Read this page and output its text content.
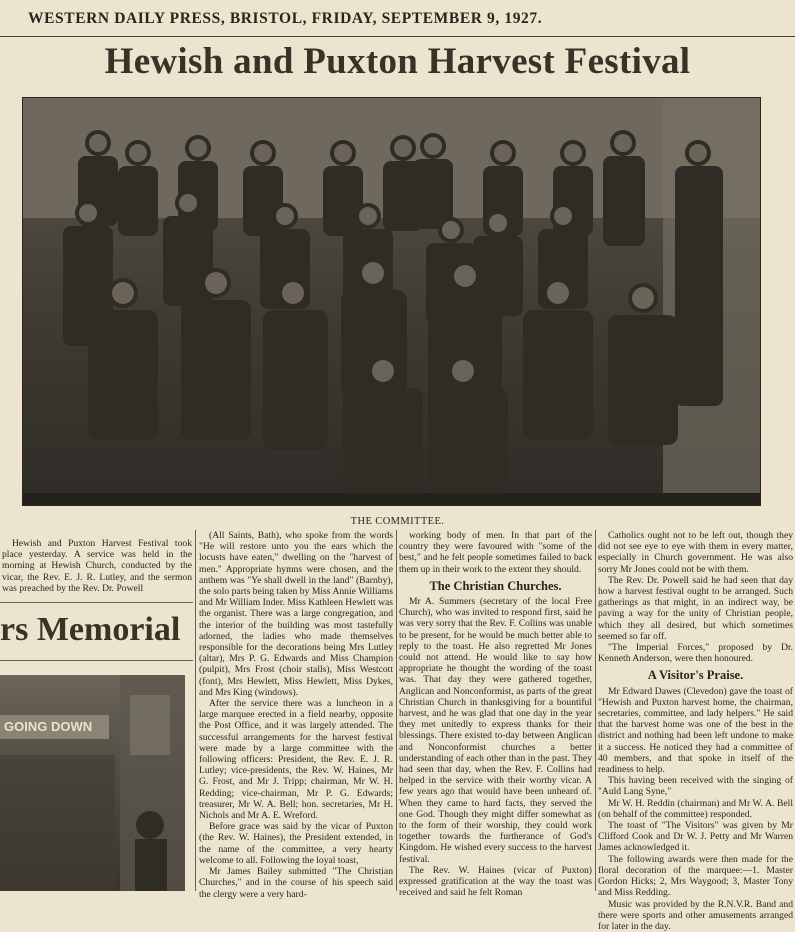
WESTERN DAILY PRESS, BRISTOL, FRIDAY, SEPTEMBER 9, 1927.
Hewish and Puxton Harvest Festival
THE COMMITTEE.

Hewish and Puxton Harvest Festival took place yesterday. A service was held in the morning at Hewish Church, conducted by the vicar, the Rev. E. J. R. Lutley, and the sermon was preached by the Rev. Dr. Powell

rs Memorial
GOING DOWN

(All Saints, Bath), who spoke from the words "He will restore unto you the ears which the locusts have eaten," dwelling on the "harvest of men." Appropriate hymns were chosen, and the anthem was "Ye shall dwell in the land" (Barnby), the solo parts being taken by Miss Annie Williams and Mr William Inder. Miss Kathleen Hewlett was the organist. There was a large congregation, and the interior of the building was most tastefully adorned, the ladies who made themselves responsible for the decorations being Mrs Lutley (altar), Mrs P. G. Edwards and Miss Champion (pulpit), Mrs Frost (choir stalls), Miss Westcott (font), Mrs Hewlett, Miss Hewlett, Miss Dykes, and Mrs King (windows).

After the service there was a luncheon in a large marquee erected in a field nearby, opposite the Post Office, and it was largely attended. The successful arrangements for the harvest festival were made by a large committee with the following officers: President, the Rev. E. J. R. Lutley; vice-presidents, the Rev. W. Haines, Mr G. Frost, and Mr J. Tripp; chairman, Mr W. H. Redding; vice-chairman, Mr P. G. Edwards; treasurer, Mr W. A. Bell; hon. secretaries, Mr H. Nichols and Mr A. E. Wreford.

Before grace was said by the vicar of Puxton (the Rev. W. Haines), the President extended, in the name of the committee, a very hearty welcome to all. Following the loyal toast,

Mr James Bailey submitted "The Christian Churches," and in the course of his speech said the clergy were a very hard-

working body of men. In that part of the country they were favoured with "some of the best," and he felt people sometimes failed to back them up in their work to the extent they should.

The Christian Churches.

Mr A. Summers (secretary of the local Free Church), who was invited to respond first, said he was very sorry that the Rev. F. Collins was unable to be present, for he would be much better able to reply to the toast. He also regretted Mr Jones could not attend. He would like to say how appropriate he thought the wording of the toast was. That day they were gathered together, Anglican and Nonconformist, as parts of the great Christian Church in thanksgiving for a bountiful harvest, and he was glad that one day in the year they met unitedly to express thanks for their blessings. There existed to-day between Anglican and Nonconformist churches a better understanding of each other than in the past. They had seen that day, when the Rev. F. Collins had helped in the service with their worthy vicar. A few years ago that would have been unheard of. When they came to hard facts, they served the one God. Though they might differ somewhat as to the form of their worship, they could work together towards the furtherance of God's Kingdom. He wished every success to the harvest festival.

The Rev. W. Haines (vicar of Puxton) expressed gratification at the way the toast was received and said he felt Roman

Catholics ought not to be left out, though they did not see eye to eye with them in every matter, especially in Church government. He was also sorry Mr Jones could not be with them.

The Rev. Dr. Powell said he had seen that day how a harvest festival ought to be arranged. Such gatherings as that might, in an indirect way, be paving a way for the unity of Christian people, which they all desired, but which sometimes seemed so far off.

"The Imperial Forces," proposed by Dr. Kenneth Anderson, were then honoured.

A Visitor's Praise.

Mr Edward Dawes (Clevedon) gave the toast of "Hewish and Puxton harvest home, the chairman, secretaries, committee, and lady helpers." He said that the harvest home was one of the best in the district and nothing had been left undone to make it a success. He noticed they had a committee of 40 members, and that spoke in itself of the readiness to help.

This having been received with the singing of "Auld Lang Syne,"

Mr W. H. Reddin (chairman) and Mr W. A. Bell (on behalf of the committee) responded.

The toast of "The Visitors" was given by Mr Clifford Cook and Dr W. J. Petty and Mr Warren James acknowledged it.

The following awards were then made for the floral decoration of the marquee:—1. Master Gordon Hicks; 2, Mrs Waygood; 3, Master Tony and Miss Redding.

Music was provided by the R.N.V.R. Band and there were sports and other amusements arranged for later in the day.
